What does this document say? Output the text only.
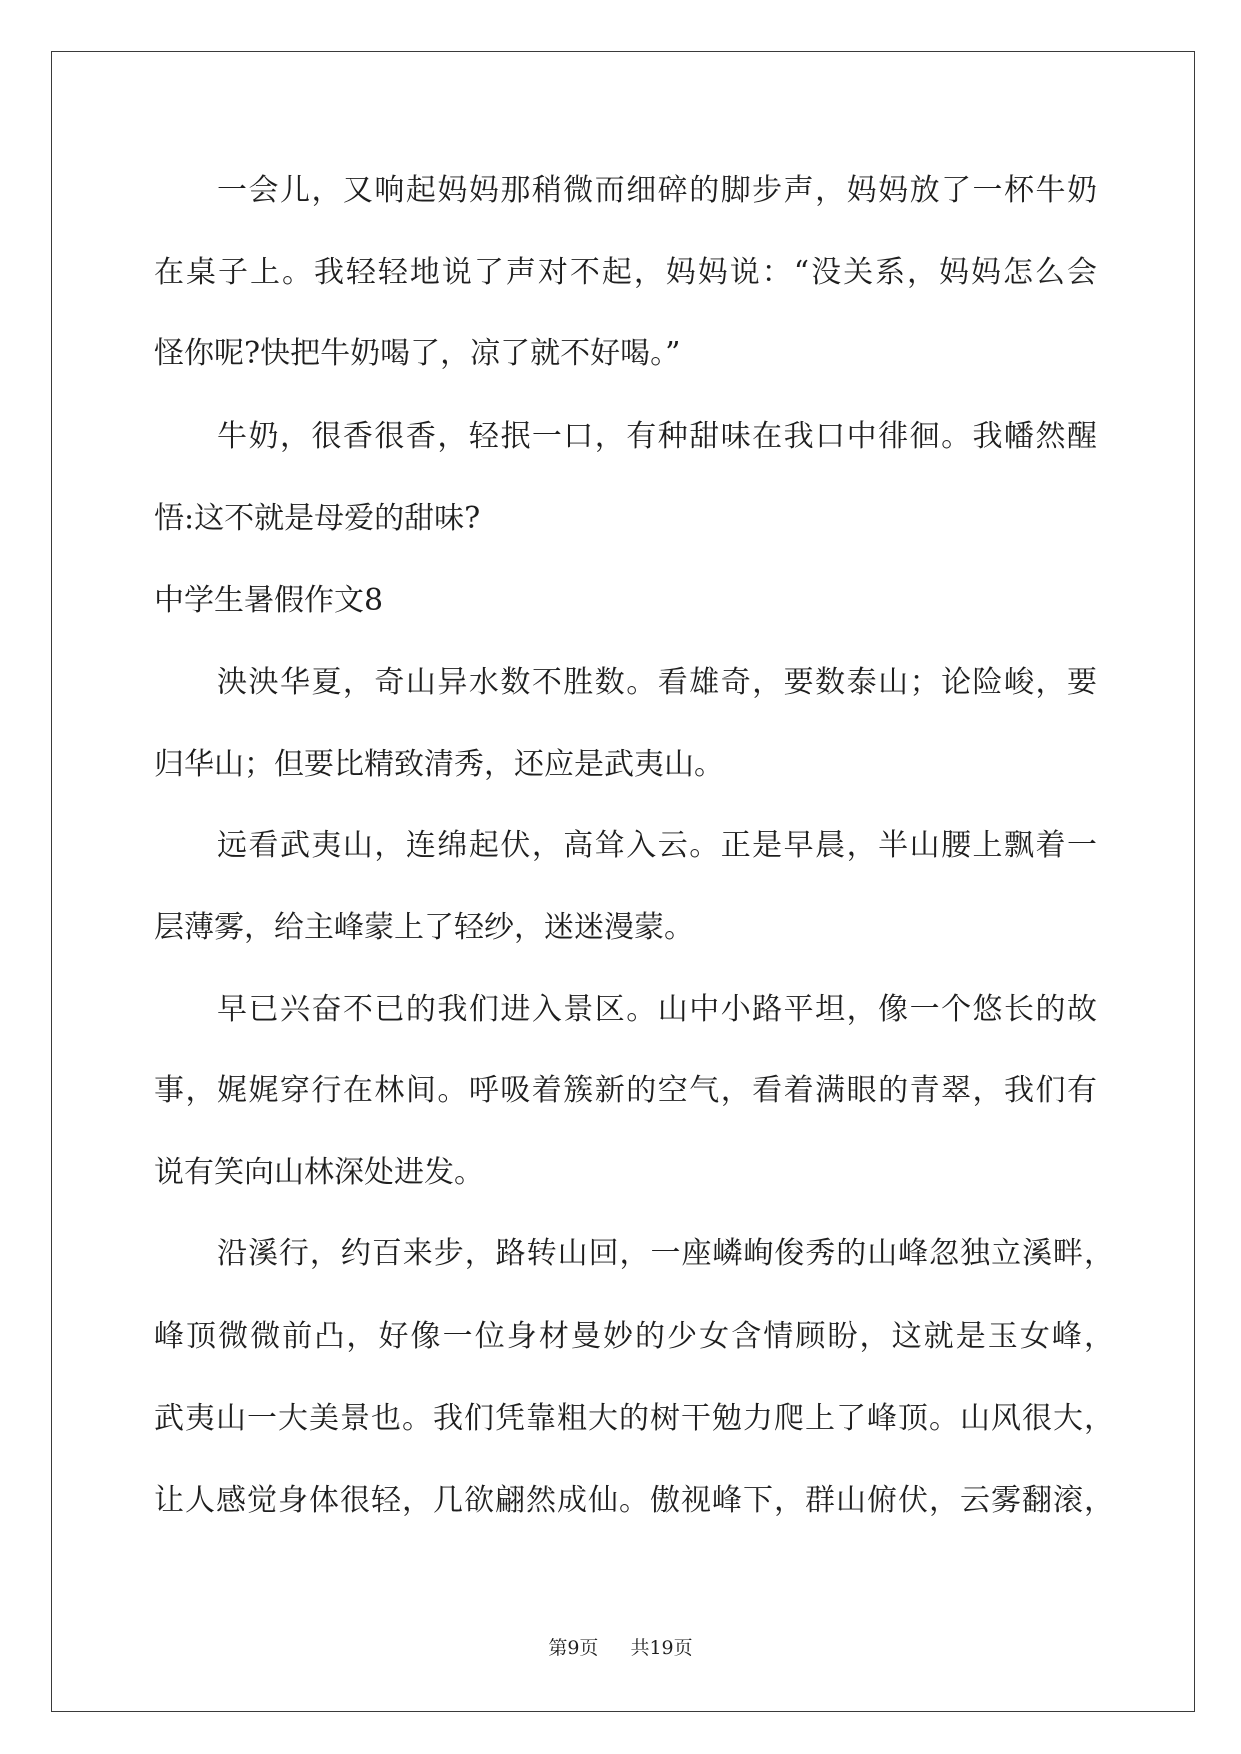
一会儿，又响起妈妈那稍微而细碎的脚步声，妈妈放了一杯牛奶
在桌子上。我轻轻地说了声对不起，妈妈说：“没关系，妈妈怎么会
怪你呢?快把牛奶喝了，凉了就不好喝。”
牛奶，很香很香，轻抿一口，有种甜味在我口中徘徊。我幡然醒
悟:这不就是母爱的甜味?
中学生暑假作文8
泱泱华夏，奇山异水数不胜数。看雄奇，要数泰山；论险峻，要
归华山；但要比精致清秀，还应是武夷山。
远看武夷山，连绵起伏，高耸入云。正是早晨，半山腰上飘着一
层薄雾，给主峰蒙上了轻纱，迷迷漫蒙。
早已兴奋不已的我们进入景区。山中小路平坦，像一个悠长的故
事，娓娓穿行在林间。呼吸着簇新的空气，看着满眼的青翠，我们有
说有笑向山林深处进发。
沿溪行，约百来步，路转山回，一座嶙峋俊秀的山峰忽独立溪畔，
峰顶微微前凸，好像一位身材曼妙的少女含情顾盼，这就是玉女峰，
武夷山一大美景也。我们凭靠粗大的树干勉力爬上了峰顶。山风很大，
让人感觉身体很轻，几欲翩然成仙。傲视峰下，群山俯伏，云雾翻滚，
第9页 共19页
